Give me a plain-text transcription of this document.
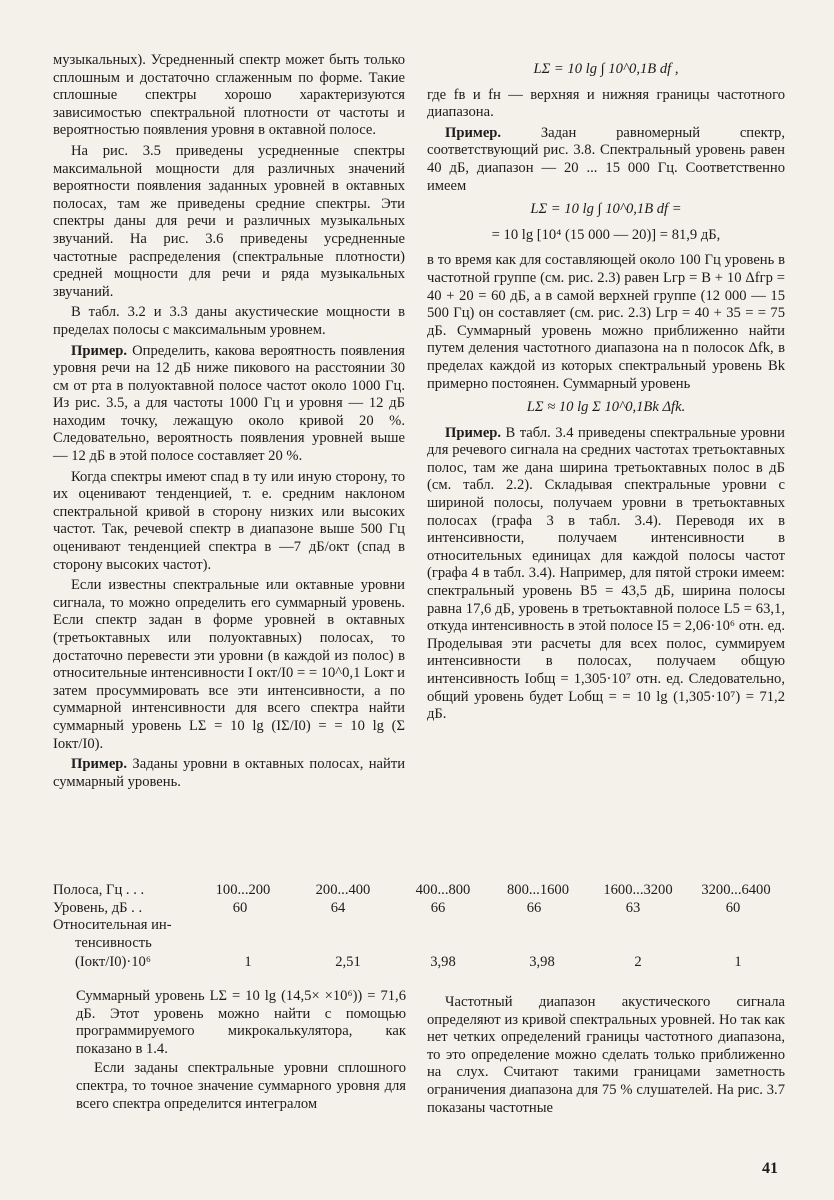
музыкальных). Усредненный спектр может быть только сплошным и достаточно сглаженным по форме. Такие сплошные спектры хорошо характеризуются зависимостью спектральной плотности от частоты и вероятностью появления уровня в октавной полосе.

На рис. 3.5 приведены усредненные спектры максимальной мощности для различных значений вероятности появления заданных уровней в октавных полосах, там же приведены средние спектры. Эти спектры даны для речи и различных музыкальных звучаний. На рис. 3.6 приведены усредненные частотные распределения (спектральные плотности) средней мощности для речи и ряда музыкальных звучаний.

В табл. 3.2 и 3.3 даны акустические мощности в пределах полосы с максимальным уровнем.

Пример. Определить, какова вероятность появления уровня речи на 12 дБ ниже пикового на расстоянии 30 см от рта в полуоктавной полосе частот около 1000 Гц. Из рис. 3.5, а для частоты 1000 Гц и уровня — 12 дБ находим точку, лежащую около кривой 20 %. Следовательно, вероятность появления уровней выше — 12 дБ в этой полосе составляет 20 %.

Когда спектры имеют спад в ту или иную сторону, то их оценивают тенденцией, т. е. средним наклоном спектральной кривой в сторону низких или высоких частот. Так, речевой спектр в диапазоне выше 500 Гц оценивают тенденцией спектра в —7 дБ/окт (спад в сторону высоких частот).

Если известны спектральные или октавные уровни сигнала, то можно определить его суммарный уровень. Если спектр задан в форме уровней в октавных (третьоктавных или полуоктавных) полосах, то достаточно перевести эти уровни (в каждой из полос) в относительные интенсивности I окт/I0 = = 10^0,1 Lокт и затем просуммировать все эти интенсивности, а по суммарной интенсивности для всего спектра найти суммарный уровень LΣ = 10 lg (IΣ/I0) = = 10 lg (Σ Iокт/I0).

Пример. Заданы уровни в октавных полосах, найти суммарный уровень.

LΣ = 10 lg ∫ 10^0,1B df ,

где fв и fн — верхняя и нижняя границы частотного диапазона.

Пример.	Задан равномерный спектр, соответствующий рис. 3.8. Спектральный уровень равен 40 дБ, диапазон — 20 ... 15 000 Гц. Соответственно имеем

LΣ = 10 lg ∫ 10^0,1B df =
= 10 lg [10⁴ (15 000 — 20)] = 81,9 дБ,

в то время как для составляющей около 100 Гц уровень в частотной группе (см. рис. 2.3) равен Lгр = B + 10 Δfгр = 40 + 20 = 60 дБ, а в самой верхней группе (12 000 — 15 500 Гц) он составляет (см. рис. 2.3) Lгр = 40 + 35 = = 75 дБ. Суммарный уровень можно приближенно найти путем деления частотного диапазона на n полосок Δfk, в пределах каждой из которых спектральный уровень Bk примерно постоянен. Суммарный уровень

LΣ ≈ 10 lg Σ 10^0,1Bk Δfk.

Пример. В табл. 3.4 приведены спектральные уровни для речевого сигнала на средних частотах третьоктавных полос, там же дана ширина третьоктавных полос в дБ (см. табл. 2.2). Складывая спектральные уровни с шириной полосы, получаем уровни в третьоктавных полосах (графа 3 в табл. 3.4). Переводя их в интенсивности, получаем интенсивности в относительных единицах для каждой полосы частот (графа 4 в табл. 3.4). Например, для пятой строки имеем: спектральный уровень B5 = 43,5 дБ, ширина полосы равна 17,6 дБ, уровень в третьоктавной полосе L5 = 63,1, откуда интенсивность в этой полосе I5 = 2,06·10⁶ отн. ед. Проделывая эти расчеты для всех полос, суммируем интенсивности в полосах, получаем общую интенсивность Iобщ = 1,305·10⁷ отн. ед. Следовательно, общий уровень будет Lобщ = = 10 lg (1,305·10⁷) = 71,2 дБ.

Полоса, Гц . . .	100...200	200...400	400...800	800...1600	1600...3200	3200...6400
Уровень, дБ . .	60	64	66	66	63	60
Относительная ин-
тенсивность
(Iокт/I0)·10⁶	1	2,51	3,98	3,98	2	1

Суммарный уровень LΣ = 10 lg (14,5× ×10⁶)) = 71,6 дБ. Этот уровень можно найти с помощью программируемого микрокалькулятора, как показано в 1.4.

Если заданы спектральные уровни сплошного спектра, то точное значение суммарного уровня для всего спектра определится интегралом

Частотный диапазон акустического сигнала определяют из кривой спектральных уровней. Но так как нет четких определений границы частотного диапазона, то это определение можно сделать только приближенно на слух. Считают такими границами заметность ограничения диапазона для 75 % слушателей. На рис. 3.7 показаны частотные

41
